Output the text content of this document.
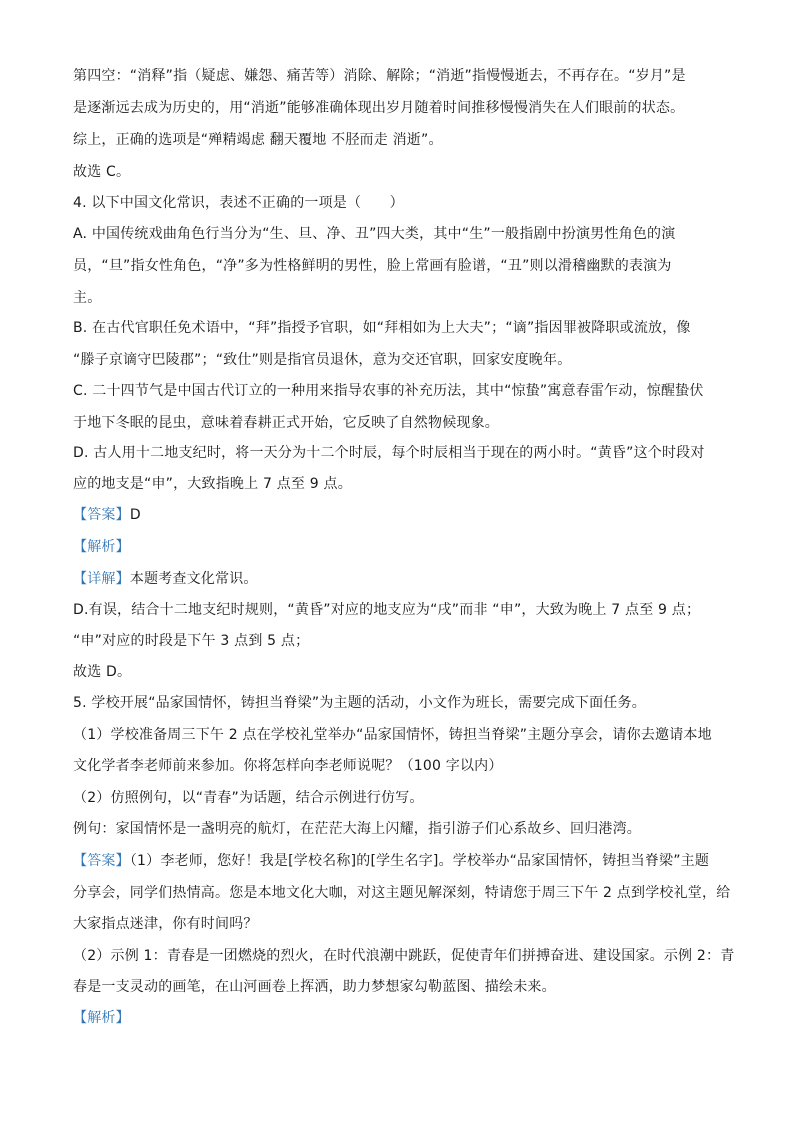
第四空：“消释”指（疑虑、嫌怨、痛苦等）消除、解除；“消逝”指慢慢逝去，不再存在。“岁月”是
是逐渐远去成为历史的，用“消逝”能够准确体现出岁月随着时间推移慢慢消失在人们眼前的状态。
综上，正确的选项是“殚精竭虑 翻天覆地 不胫而走 消逝”。
故选 C。
4. 以下中国文化常识，表述不正确的一项是（　　）
A. 中国传统戏曲角色行当分为“生、旦、净、丑”四大类，其中“生”一般指剧中扮演男性角色的演
员，“旦”指女性角色，“净”多为性格鲜明的男性，脸上常画有脸谱，“丑”则以滑稽幽默的表演为
主。
B. 在古代官职任免术语中，“拜”指授予官职，如“拜相如为上大夫”；“谪”指因罪被降职或流放，像
“滕子京谪守巴陵郡”；“致仕”则是指官员退休，意为交还官职，回家安度晚年。
C. 二十四节气是中国古代订立的一种用来指导农事的补充历法，其中“惊蛰”寓意春雷乍动，惊醒蛰伏
于地下冬眠的昆虫，意味着春耕正式开始，它反映了自然物候现象。
D. 古人用十二地支纪时，将一天分为十二个时辰，每个时辰相当于现在的两小时。“黄昏”这个时段对
应的地支是“申”，大致指晚上 7 点至 9 点。
【答案】D
【解析】
【详解】本题考查文化常识。
D.有误，结合十二地支纪时规则，“黄昏”对应的地支应为“戌”而非 “申”，大致为晚上 7 点至 9 点；
“申”对应的时段是下午 3 点到 5 点；
故选 D。
5. 学校开展“品家国情怀，铸担当脊梁”为主题的活动，小文作为班长，需要完成下面任务。
（1）学校准备周三下午 2 点在学校礼堂举办“品家国情怀，铸担当脊梁”主题分享会，请你去邀请本地
文化学者李老师前来参加。你将怎样向李老师说呢？（100 字以内）
（2）仿照例句，以“青春”为话题，结合示例进行仿写。
例句：家国情怀是一盏明亮的航灯，在茫茫大海上闪耀，指引游子们心系故乡、回归港湾。
【答案】（1）李老师，您好！我是[学校名称]的[学生名字]。学校举办“品家国情怀，铸担当脊梁”主题
分享会，同学们热情高。您是本地文化大咖，对这主题见解深刻，特请您于周三下午 2 点到学校礼堂，给
大家指点迷津，你有时间吗？
（2）示例 1：青春是一团燃烧的烈火，在时代浪潮中跳跃，促使青年们拼搏奋进、建设国家。示例 2：青
春是一支灵动的画笔，在山河画卷上挥洒，助力梦想家勾勒蓝图、描绘未来。
【解析】
